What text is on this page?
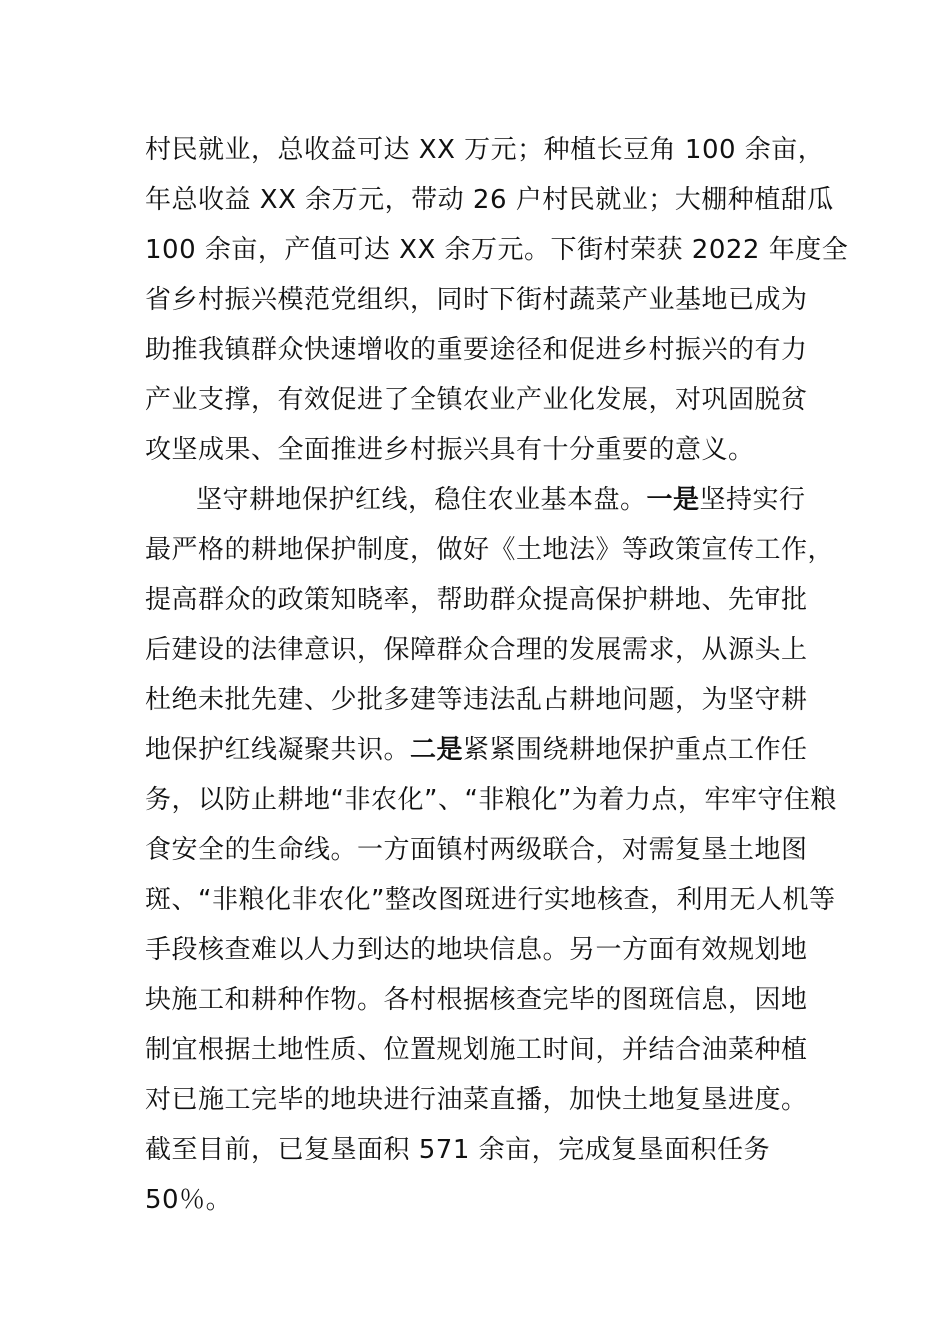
村民就业，总收益可达 XX 万元；种植长豆角 100 余亩，
年总收益 XX 余万元，带动 26 户村民就业；大棚种植甜瓜
100 余亩，产值可达 XX 余万元。下街村荣获 2022 年度全
省乡村振兴模范党组织，同时下街村蔬菜产业基地已成为
助推我镇群众快速增收的重要途径和促进乡村振兴的有力
产业支撑，有效促进了全镇农业产业化发展，对巩固脱贫
攻坚成果、全面推进乡村振兴具有十分重要的意义。
坚守耕地保护红线，稳住农业基本盘。一是坚持实行
最严格的耕地保护制度，做好《土地法》等政策宣传工作，
提高群众的政策知晓率，帮助群众提高保护耕地、先审批
后建设的法律意识，保障群众合理的发展需求，从源头上
杜绝未批先建、少批多建等违法乱占耕地问题，为坚守耕
地保护红线凝聚共识。二是紧紧围绕耕地保护重点工作任
务，以防止耕地“非农化”、“非粮化”为着力点，牢牢守住粮
食安全的生命线。一方面镇村两级联合，对需复垦土地图
斑、“非粮化非农化”整改图斑进行实地核查，利用无人机等
手段核查难以人力到达的地块信息。另一方面有效规划地
块施工和耕种作物。各村根据核查完毕的图斑信息，因地
制宜根据土地性质、位置规划施工时间，并结合油菜种植
对已施工完毕的地块进行油菜直播，加快土地复垦进度。
截至目前，已复垦面积 571 余亩，完成复垦面积任务
50％。
